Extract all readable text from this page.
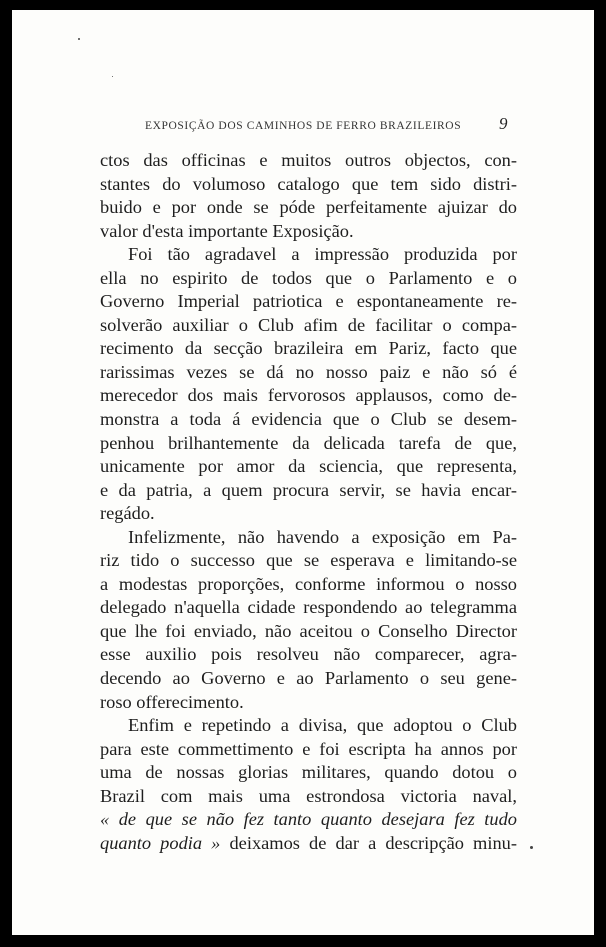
EXPOSIÇÃO DOS CAMINHOS DE FERRO BRAZILEIROS	9
ctos das officinas e muitos outros objectos, con-
stantes do volumoso catalogo que tem sido distri-
buido e por onde se póde perfeitamente ajuizar do
valor d'esta importante Exposição.
Foi tão agradavel a impressão produzida por
ella no espirito de todos que o Parlamento e o
Governo Imperial patriotica e espontaneamente re-
solverão auxiliar o Club afim de facilitar o compa-
recimento da secção brazileira em Pariz, facto que
rarissimas vezes se dá no nosso paiz e não só é
merecedor dos mais fervorosos applausos, como de-
monstra a toda á evidencia que o Club se desem-
penhou brilhantemente da delicada tarefa de que,
unicamente por amor da sciencia, que representa,
e da patria, a quem procura servir, se havia encar-
regádo.
Infelizmente, não havendo a exposição em Pa-
riz tido o successo que se esperava e limitando-se
a modestas proporções, conforme informou o nosso
delegado n'aquella cidade respondendo ao telegramma
que lhe foi enviado, não aceitou o Conselho Director
esse auxilio pois resolveu não comparecer, agra-
decendo ao Governo e ao Parlamento o seu gene-
roso offerecimento.
Enfim e repetindo a divisa, que adoptou o Club
para este commettimento e foi escripta ha annos por
uma de nossas glorias militares, quando dotou o
Brazil com mais uma estrondosa victoria naval,
« de que se não fez tanto quanto desejara fez tudo
quanto podia » deixamos de dar a descripção minu-
